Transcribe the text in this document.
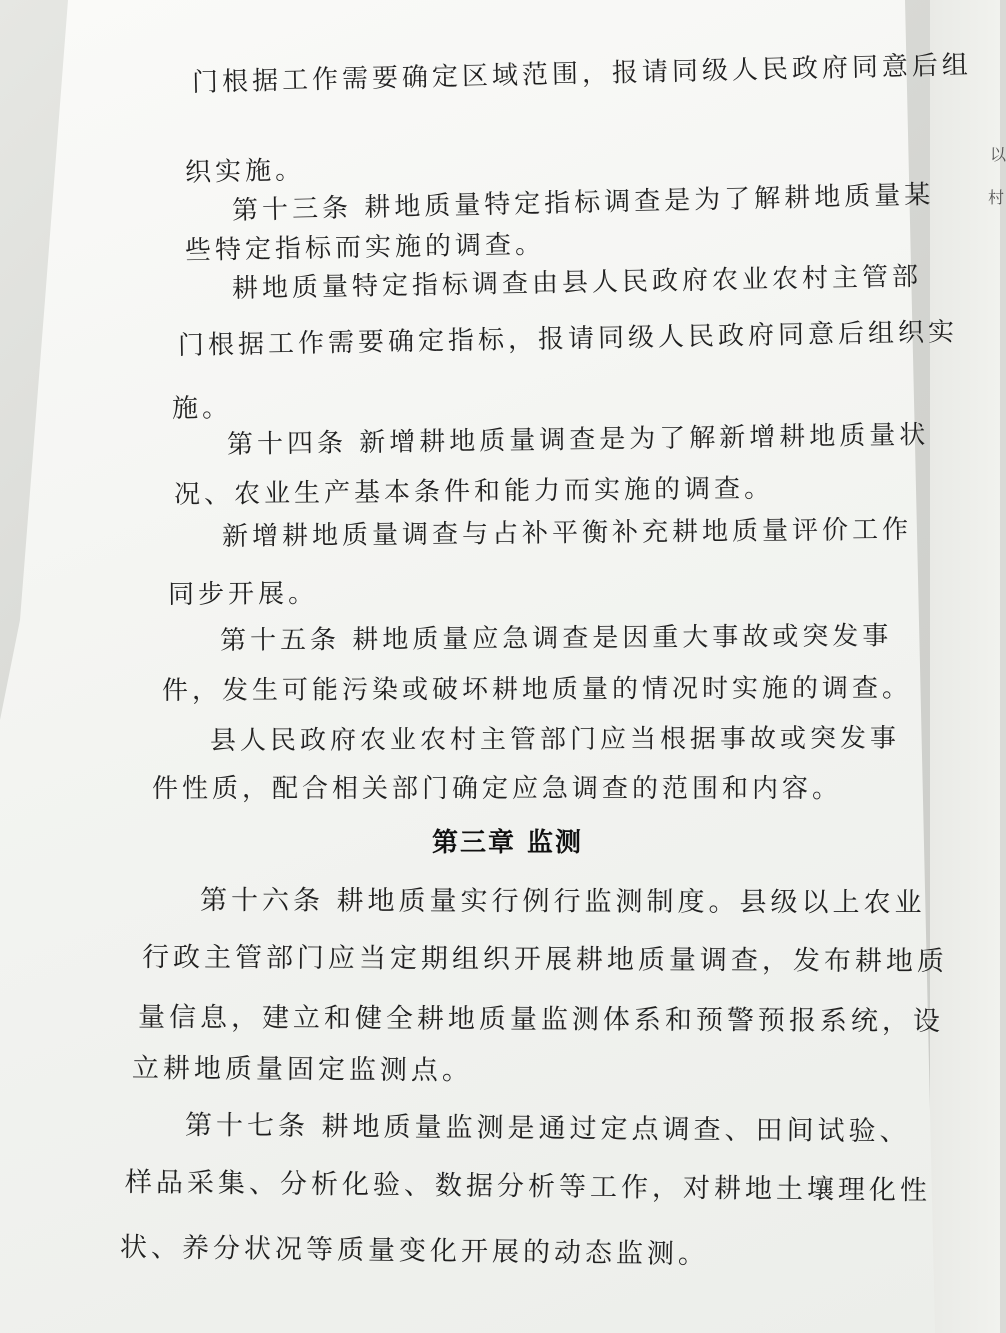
以
村
门根据工作需要确定区域范围，报请同级人民政府同意后组
织实施。
第十三条 耕地质量特定指标调查是为了解耕地质量某
些特定指标而实施的调查。
耕地质量特定指标调查由县人民政府农业农村主管部
门根据工作需要确定指标，报请同级人民政府同意后组织实
施。
第十四条 新增耕地质量调查是为了解新增耕地质量状
况、农业生产基本条件和能力而实施的调查。
新增耕地质量调查与占补平衡补充耕地质量评价工作
同步开展。
第十五条 耕地质量应急调查是因重大事故或突发事
件，发生可能污染或破坏耕地质量的情况时实施的调查。
县人民政府农业农村主管部门应当根据事故或突发事
件性质，配合相关部门确定应急调查的范围和内容。
第三章 监测
第十六条 耕地质量实行例行监测制度。县级以上农业
行政主管部门应当定期组织开展耕地质量调查，发布耕地质
量信息，建立和健全耕地质量监测体系和预警预报系统，设
立耕地质量固定监测点。
第十七条 耕地质量监测是通过定点调查、田间试验、
样品采集、分析化验、数据分析等工作，对耕地土壤理化性
状、养分状况等质量变化开展的动态监测。
